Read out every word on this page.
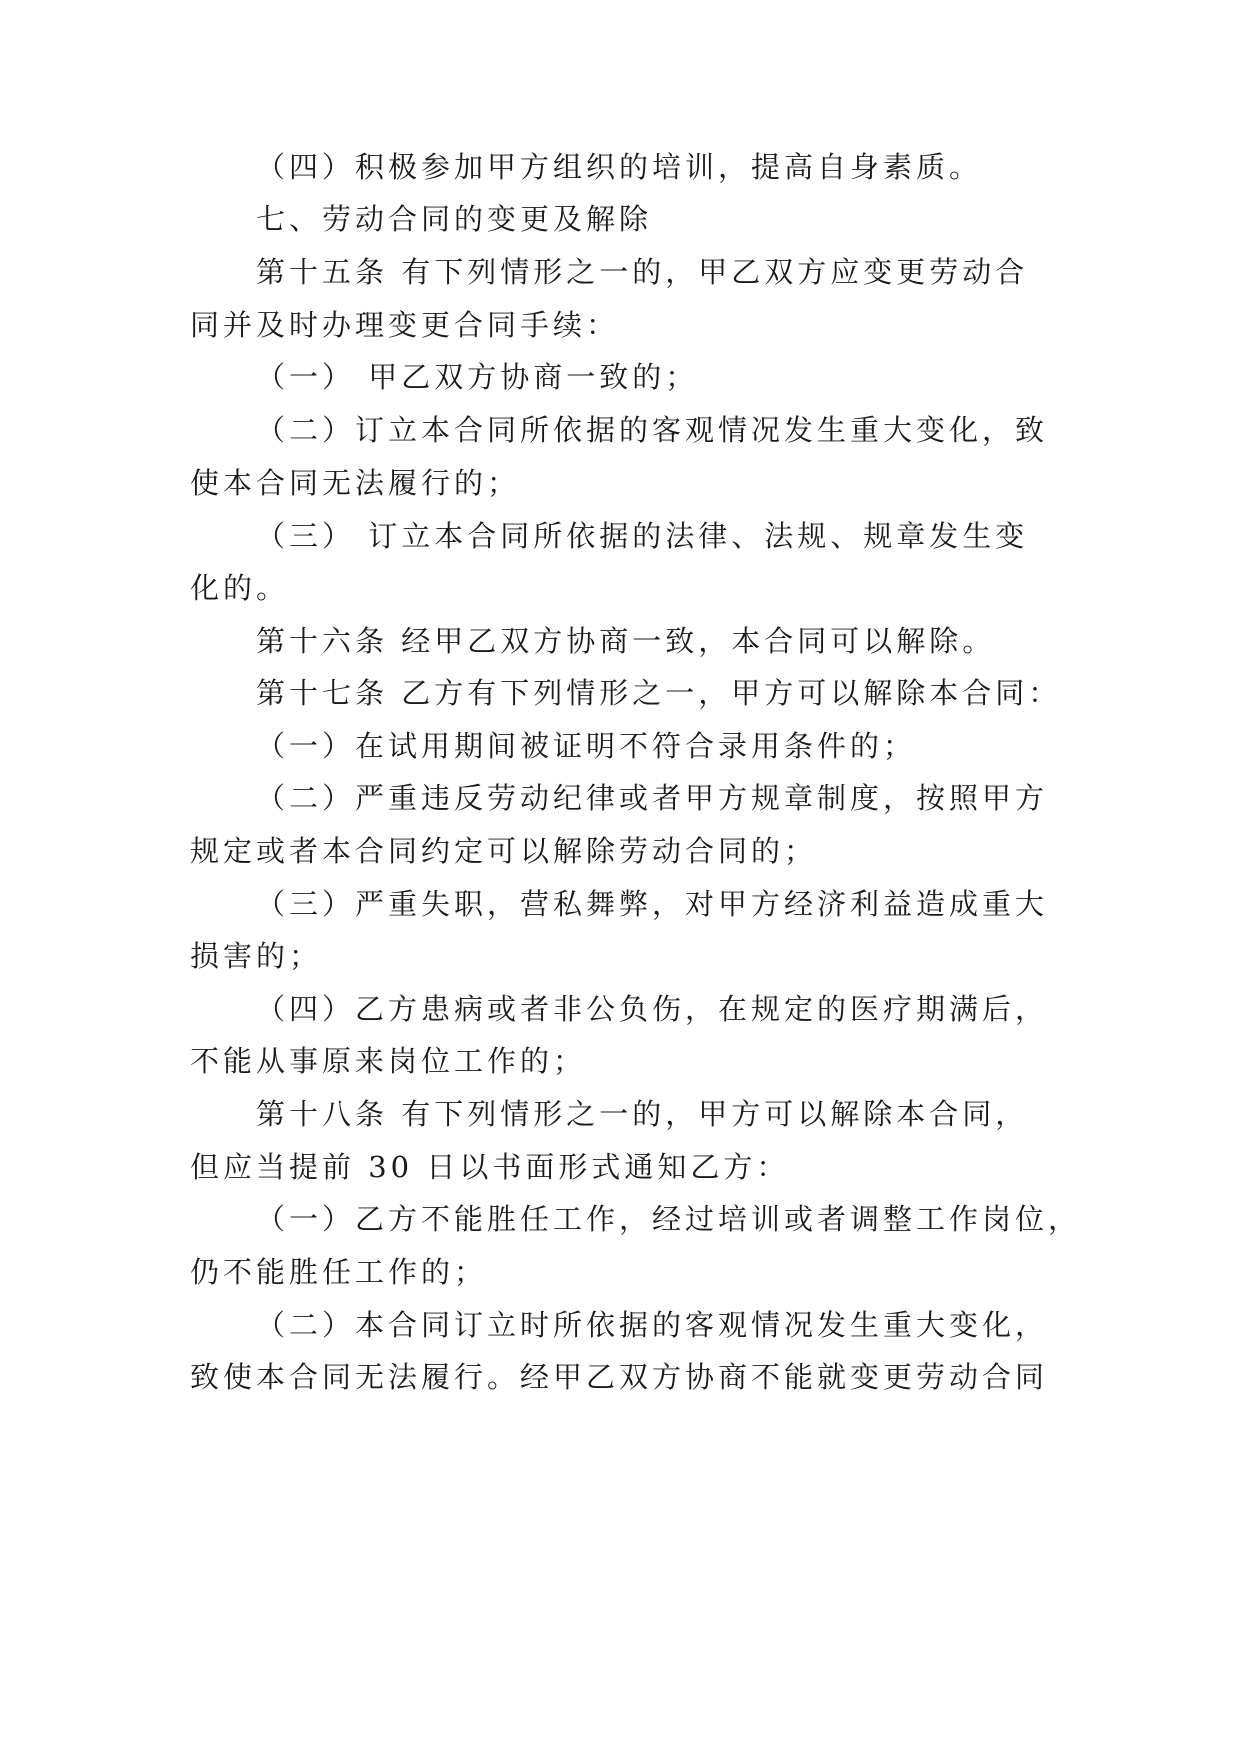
（四）积极参加甲方组织的培训，提高自身素质。
七、劳动合同的变更及解除
第十五条 有下列情形之一的，甲乙双方应变更劳动合
同并及时办理变更合同手续：
（一） 甲乙双方协商一致的；
（二）订立本合同所依据的客观情况发生重大变化，致
使本合同无法履行的；
（三） 订立本合同所依据的法律、法规、规章发生变
化的。
第十六条 经甲乙双方协商一致，本合同可以解除。
第十七条 乙方有下列情形之一，甲方可以解除本合同：
（一）在试用期间被证明不符合录用条件的；
（二）严重违反劳动纪律或者甲方规章制度，按照甲方
规定或者本合同约定可以解除劳动合同的；
（三）严重失职，营私舞弊，对甲方经济利益造成重大
损害的；
（四）乙方患病或者非公负伤，在规定的医疗期满后，
不能从事原来岗位工作的；
第十八条 有下列情形之一的，甲方可以解除本合同，
但应当提前 30 日以书面形式通知乙方：
（一）乙方不能胜任工作，经过培训或者调整工作岗位，
仍不能胜任工作的；
（二）本合同订立时所依据的客观情况发生重大变化，
致使本合同无法履行。经甲乙双方协商不能就变更劳动合同
